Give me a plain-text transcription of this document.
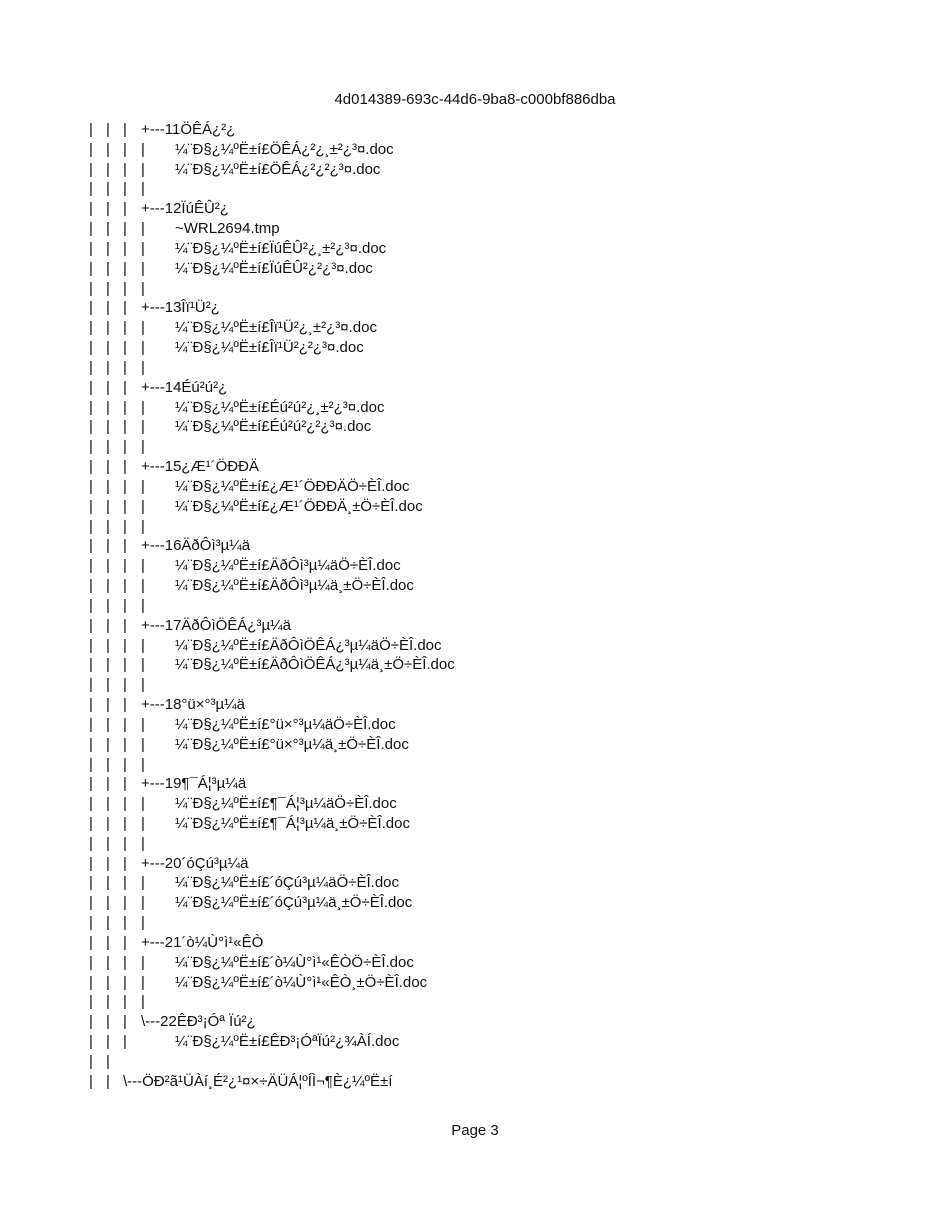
4d014389-693c-44d6-9ba8-c000bf886dba
| | | +---11ÖÊÁ¿²¿
| | | | ¼¨Ð§¿¼ºË±í£ÖÊÁ¿²¿¸±²¿³¤.doc
| | | | ¼¨Ð§¿¼ºË±í£ÖÊÁ¿²¿²¿³¤.doc
| | | |
| | | +---12ÏúÊÛ²¿
| | | | ~WRL2694.tmp
| | | | ¼¨Ð§¿¼ºË±í£ÏúÊÛ²¿¸±²¿³¤.doc
| | | | ¼¨Ð§¿¼ºË±í£ÏúÊÛ²¿²¿³¤.doc
| | | |
| | | +---13Îï¹Ü²¿
| | | | ¼¨Ð§¿¼ºË±í£Îï¹Ü²¿¸±²¿³¤.doc
| | | | ¼¨Ð§¿¼ºË±í£Îï¹Ü²¿²¿³¤.doc
| | | |
| | | +---14Éú²ú²¿
| | | | ¼¨Ð§¿¼ºË±í£Éú²ú²¿¸±²¿³¤.doc
| | | | ¼¨Ð§¿¼ºË±í£Éú²ú²¿²¿³¤.doc
| | | |
| | | +---15¿Æ¹´ÖÐÐÄ
| | | | ¼¨Ð§¿¼ºË±í£¿Æ¹´ÖÐÐÄÖ÷ÈÎ.doc
| | | | ¼¨Ð§¿¼ºË±í£¿Æ¹´ÖÐÐÄ¸±Ö÷ÈÎ.doc
| | | |
| | | +---16ÄðÔì³µ¼ä
| | | | ¼¨Ð§¿¼ºË±í£ÄðÔì³µ¼äÖ÷ÈÎ.doc
| | | | ¼¨Ð§¿¼ºË±í£ÄðÔì³µ¼ä¸±Ö÷ÈÎ.doc
| | | |
| | | +---17ÄðÔìÖÊÁ¿³µ¼ä
| | | | ¼¨Ð§¿¼ºË±í£ÄðÔìÖÊÁ¿³µ¼äÖ÷ÈÎ.doc
| | | | ¼¨Ð§¿¼ºË±í£ÄðÔìÖÊÁ¿³µ¼ä¸±Ö÷ÈÎ.doc
| | | |
| | | +---18°ü×°³µ¼ä
| | | | ¼¨Ð§¿¼ºË±í£°ü×°³µ¼äÖ÷ÈÎ.doc
| | | | ¼¨Ð§¿¼ºË±í£°ü×°³µ¼ä¸±Ö÷ÈÎ.doc
| | | |
| | | +---19¶¯Á¦³µ¼ä
| | | | ¼¨Ð§¿¼ºË±í£¶¯Á¦³µ¼äÖ÷ÈÎ.doc
| | | | ¼¨Ð§¿¼ºË±í£¶¯Á¦³µ¼ä¸±Ö÷ÈÎ.doc
| | | |
| | | +---20´óÇú³µ¼ä
| | | | ¼¨Ð§¿¼ºË±í£´óÇú³µ¼äÖ÷ÈÎ.doc
| | | | ¼¨Ð§¿¼ºË±í£´óÇú³µ¼ä¸±Ö÷ÈÎ.doc
| | | |
| | | +---21´ò¼Ù°ì¹«ÊÒ
| | | | ¼¨Ð§¿¼ºË±í£´ò¼Ù°ì¹«ÊÒÖ÷ÈÎ.doc
| | | | ¼¨Ð§¿¼ºË±í£´ò¼Ù°ì¹«ÊÒ¸±Ö÷ÈÎ.doc
| | | |
| | | \---22ÊÐ³¡Óª Ïú²¿
| | |	¼¨Ð§¿¼ºË±í£ÊÐ³¡ÓªÏú²¿¾ÀÍ.doc
| |
| | \---ÖÐ²ã¹ÜÀí¸É²¿¹¤×÷ÄÜÁ¦ºÍÌ¬¶È¿¼ºË±í
Page 3
